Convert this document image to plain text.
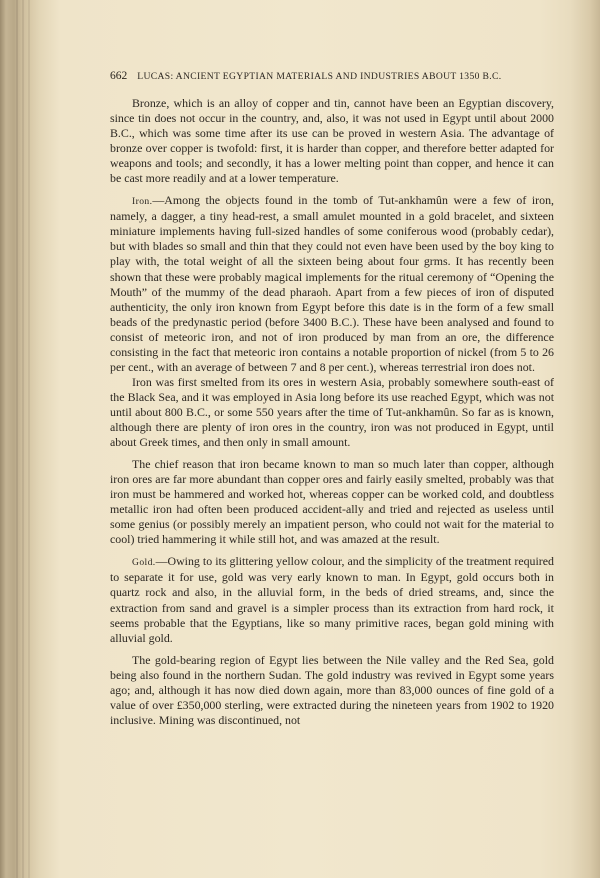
662 LUCAS: ANCIENT EGYPTIAN MATERIALS AND INDUSTRIES ABOUT 1350 B.C.

Bronze, which is an alloy of copper and tin, cannot have been an Egyptian discovery, since tin does not occur in the country, and, also, it was not used in Egypt until about 2000 B.C., which was some time after its use can be proved in western Asia. The advantage of bronze over copper is twofold: first, it is harder than copper, and therefore better adapted for weapons and tools; and secondly, it has a lower melting point than copper, and hence it can be cast more readily and at a lower temperature.

Iron.—Among the objects found in the tomb of Tut-ankhamûn were a few of iron, namely, a dagger, a tiny head-rest, a small amulet mounted in a gold bracelet, and sixteen miniature implements having full-sized handles of some coniferous wood (probably cedar), but with blades so small and thin that they could not even have been used by the boy king to play with, the total weight of all the sixteen being about four grms. It has recently been shown that these were probably magical implements for the ritual ceremony of “Opening the Mouth” of the mummy of the dead pharaoh. Apart from a few pieces of iron of disputed authenticity, the only iron known from Egypt before this date is in the form of a few small beads of the predynastic period (before 3400 B.C.). These have been analysed and found to consist of meteoric iron, and not of iron produced by man from an ore, the difference consisting in the fact that meteoric iron contains a notable proportion of nickel (from 5 to 26 per cent., with an average of between 7 and 8 per cent.), whereas terrestrial iron does not.

Iron was first smelted from its ores in western Asia, probably somewhere south-east of the Black Sea, and it was employed in Asia long before its use reached Egypt, which was not until about 800 B.C., or some 550 years after the time of Tut-ankhamûn. So far as is known, although there are plenty of iron ores in the country, iron was not produced in Egypt, until about Greek times, and then only in small amount.

The chief reason that iron became known to man so much later than copper, although iron ores are far more abundant than copper ores and fairly easily smelted, probably was that iron must be hammered and worked hot, whereas copper can be worked cold, and doubtless metallic iron had often been produced accident-ally and tried and rejected as useless until some genius (or possibly merely an impatient person, who could not wait for the material to cool) tried hammering it while still hot, and was amazed at the result.

Gold.—Owing to its glittering yellow colour, and the simplicity of the treatment required to separate it for use, gold was very early known to man. In Egypt, gold occurs both in quartz rock and also, in the alluvial form, in the beds of dried streams, and, since the extraction from sand and gravel is a simpler process than its extraction from hard rock, it seems probable that the Egyptians, like so many primitive races, began gold mining with alluvial gold.

The gold-bearing region of Egypt lies between the Nile valley and the Red Sea, gold being also found in the northern Sudan. The gold industry was revived in Egypt some years ago; and, although it has now died down again, more than 83,000 ounces of fine gold of a value of over £350,000 sterling, were extracted during the nineteen years from 1902 to 1920 inclusive. Mining was discontinued, not
